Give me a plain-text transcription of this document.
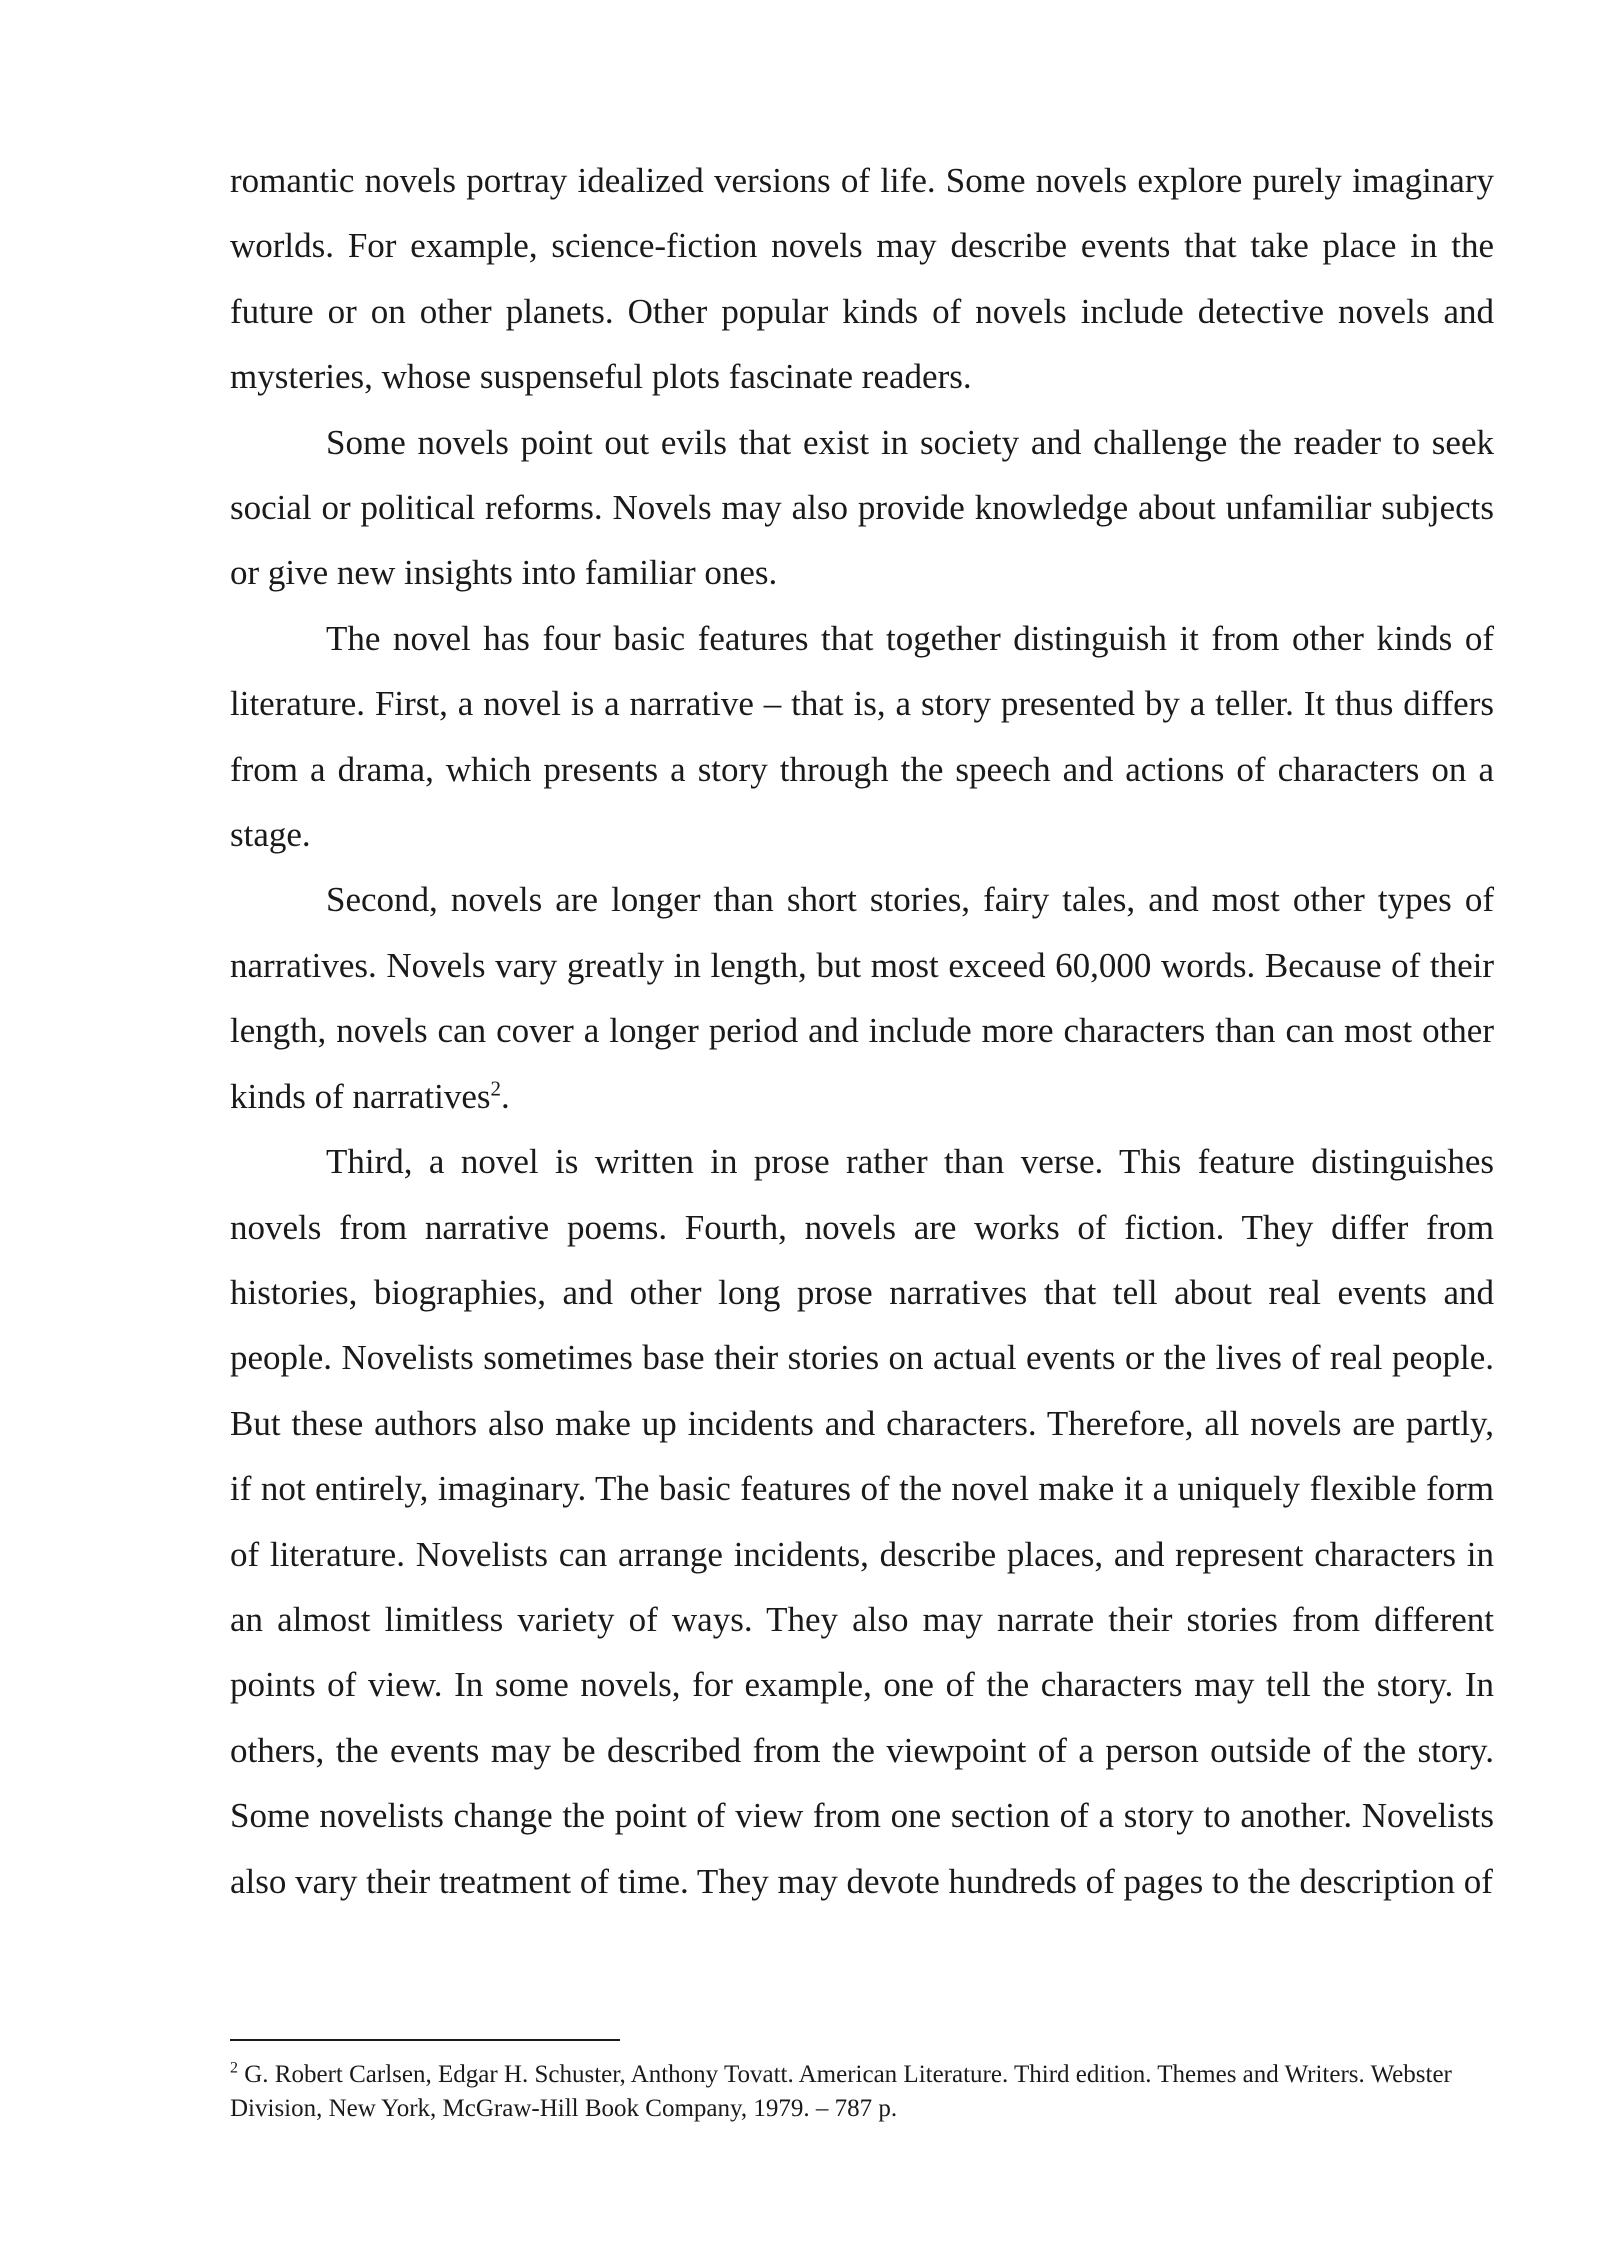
romantic novels portray idealized versions of life. Some novels explore purely imaginary worlds. For example, science-fiction novels may describe events that take place in the future or on other planets. Other popular kinds of novels include detective novels and mysteries, whose suspenseful plots fascinate readers.

Some novels point out evils that exist in society and challenge the reader to seek social or political reforms. Novels may also provide knowledge about unfamiliar subjects or give new insights into familiar ones.

The novel has four basic features that together distinguish it from other kinds of literature. First, a novel is a narrative – that is, a story presented by a teller. It thus differs from a drama, which presents a story through the speech and actions of characters on a stage.

Second, novels are longer than short stories, fairy tales, and most other types of narratives. Novels vary greatly in length, but most exceed 60,000 words. Because of their length, novels can cover a longer period and include more characters than can most other kinds of narratives$^2$.

Third, a novel is written in prose rather than verse. This feature distinguishes novels from narrative poems. Fourth, novels are works of fiction. They differ from histories, biographies, and other long prose narratives that tell about real events and people. Novelists sometimes base their stories on actual events or the lives of real people. But these authors also make up incidents and characters. Therefore, all novels are partly, if not entirely, imaginary. The basic features of the novel make it a uniquely flexible form of literature. Novelists can arrange incidents, describe places, and represent characters in an almost limitless variety of ways. They also may narrate their stories from different points of view. In some novels, for example, one of the characters may tell the story. In others, the events may be described from the viewpoint of a person outside of the story. Some novelists change the point of view from one section of a story to another. Novelists also vary their treatment of time. They may devote hundreds of pages to the description of

$^2$ G. Robert Carlsen, Edgar H. Schuster, Anthony Tovatt. American Literature. Third edition. Themes and Writers. Webster Division, New York, McGraw-Hill Book Company, 1979. – 787 p.
